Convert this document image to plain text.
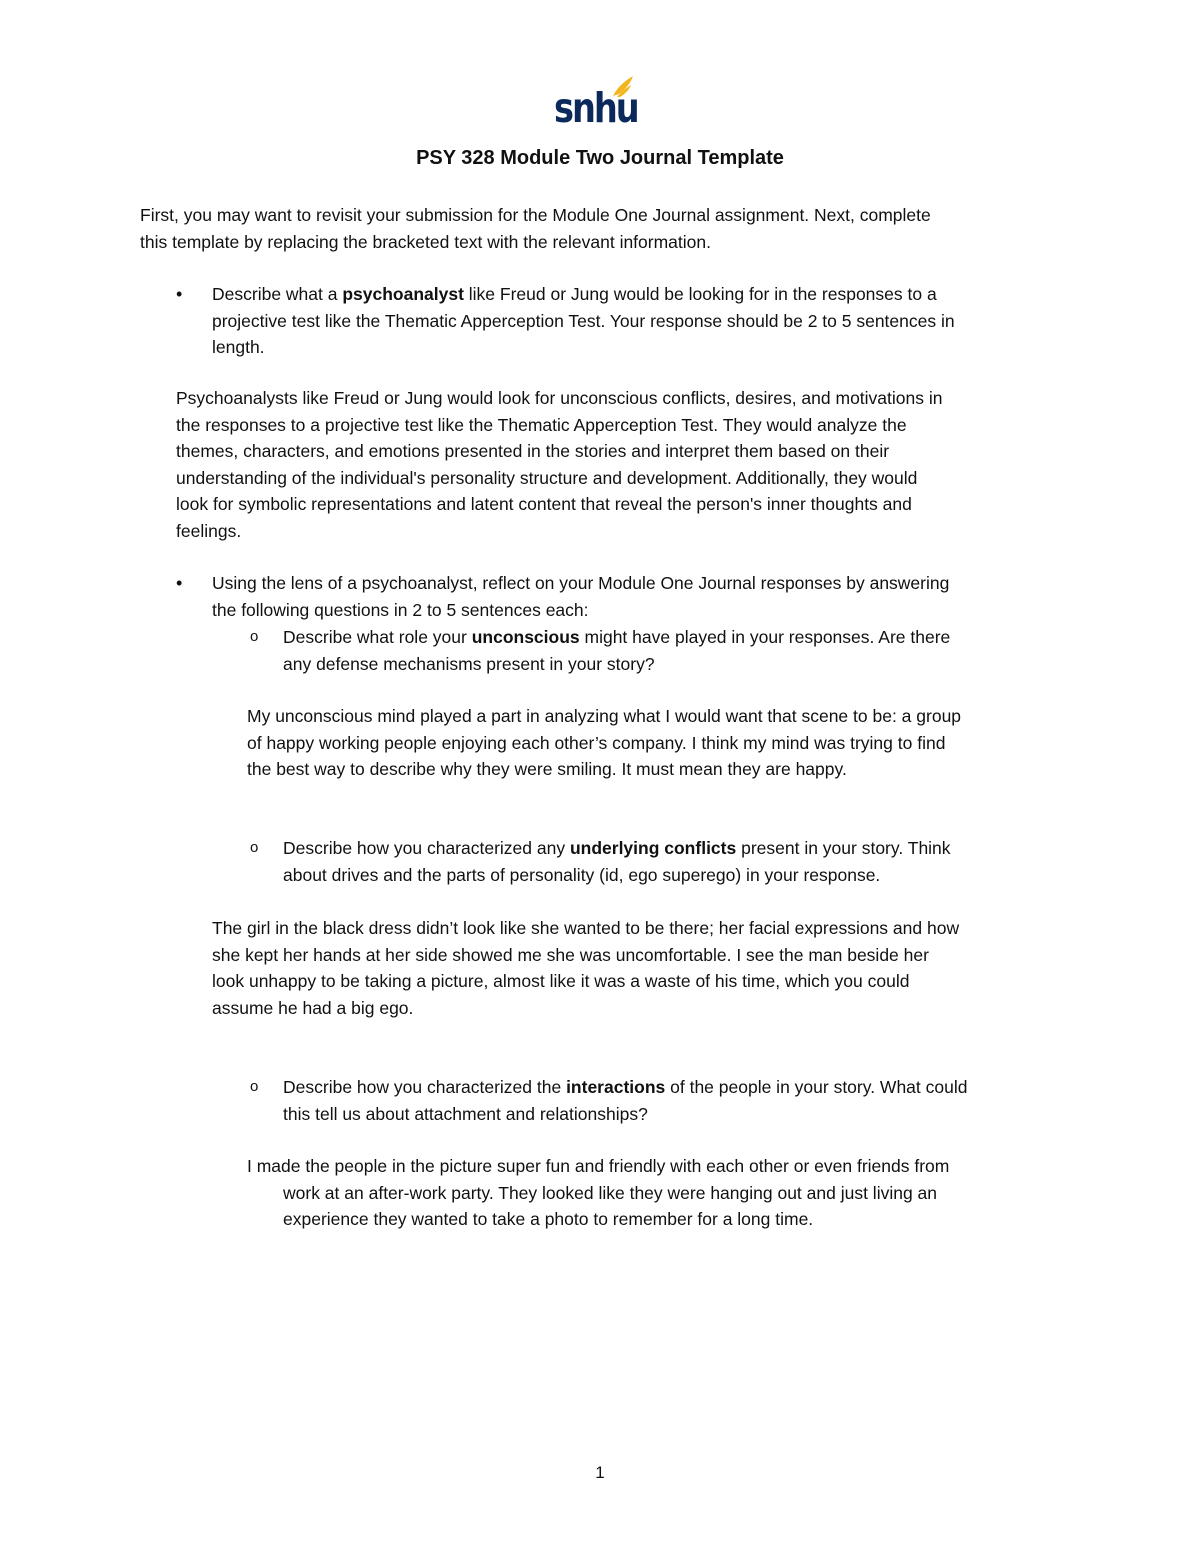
snhu
PSY 328 Module Two Journal Template
First, you may want to revisit your submission for the Module One Journal assignment. Next, complete
this template by replacing the bracketed text with the relevant information.
• Describe what a psychoanalyst like Freud or Jung would be looking for in the responses to a
projective test like the Thematic Apperception Test. Your response should be 2 to 5 sentences in
length.
Psychoanalysts like Freud or Jung would look for unconscious conflicts, desires, and motivations in
the responses to a projective test like the Thematic Apperception Test. They would analyze the
themes, characters, and emotions presented in the stories and interpret them based on their
understanding of the individual's personality structure and development. Additionally, they would
look for symbolic representations and latent content that reveal the person's inner thoughts and
feelings.
• Using the lens of a psychoanalyst, reflect on your Module One Journal responses by answering
the following questions in 2 to 5 sentences each:
o Describe what role your unconscious might have played in your responses. Are there
any defense mechanisms present in your story?
My unconscious mind played a part in analyzing what I would want that scene to be: a group
of happy working people enjoying each other’s company. I think my mind was trying to find
the best way to describe why they were smiling. It must mean they are happy.
o Describe how you characterized any underlying conflicts present in your story. Think
about drives and the parts of personality (id, ego superego) in your response.
The girl in the black dress didn’t look like she wanted to be there; her facial expressions and how
she kept her hands at her side showed me she was uncomfortable. I see the man beside her
look unhappy to be taking a picture, almost like it was a waste of his time, which you could
assume he had a big ego.
o Describe how you characterized the interactions of the people in your story. What could
this tell us about attachment and relationships?
I made the people in the picture super fun and friendly with each other or even friends from
work at an after-work party. They looked like they were hanging out and just living an
experience they wanted to take a photo to remember for a long time.
1
